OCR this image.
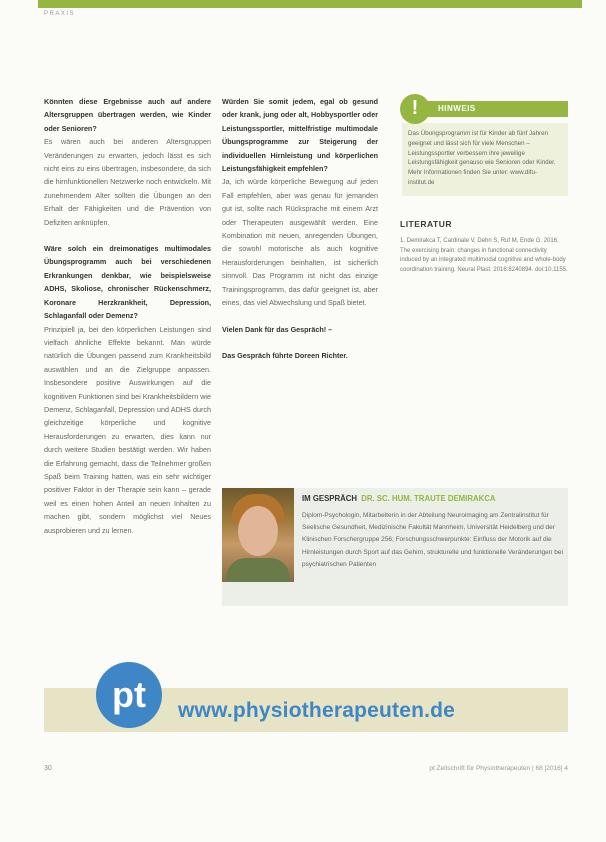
PRAXIS

Könnten diese Ergebnisse auch auf andere Altersgruppen übertragen werden, wie Kinder oder Senioren?

Es wären auch bei anderen Altersgruppen Veränderungen zu erwarten, jedoch lässt es sich nicht eins zu eins übertragen, insbesondere, da sich die hirnfunktionellen Netzwerke noch entwickeln. Mit zunehmendem Alter sollten die Übungen an den Erhalt der Fähigkeiten und die Prävention von Defiziten anknüpfen.

Wäre solch ein dreimonatiges multimodales Übungsprogramm auch bei verschiedenen Erkrankungen denkbar, wie beispielsweise ADHS, Skoliose, chronischer Rückenschmerz, Koronare Herzkrankheit, Depression, Schlaganfall oder Demenz?

Prinzipiell ja, bei den körperlichen Leistungen sind vielfach ähnliche Effekte bekannt. Man würde natürlich die Übungen passend zum Krankheitsbild auswählen und an die Zielgruppe anpassen. Insbesondere positive Auswirkungen auf die kognitiven Funktionen sind bei Krankheitsbildern wie Demenz, Schlaganfall, Depression und ADHS durch gleichzeitige körperliche und kognitive Herausforderungen zu erwarten, dies kann nur durch weitere Studien bestätigt werden. Wir haben die Erfahrung gemacht, dass die Teilnehmer großen Spaß beim Training hatten, was ein sehr wichtiger positiver Faktor in der Therapie sein kann – gerade weil es einen hohen Anteil an neuen Inhalten zu machen gibt, sondern möglichst viel Neues ausprobieren und zu lernen.

Würden Sie somit jedem, egal ob gesund oder krank, jung oder alt, Hobbysportler oder Leistungssportler, mittelfristige multimodale Übungsprogramme zur Steigerung der individuellen Hirnleistung und körperlichen Leistungsfähigkeit empfehlen?

Ja, ich würde körperliche Bewegung auf jeden Fall empfehlen, aber was genau für jemanden gut ist, sollte nach Rücksprache mit einem Arzt oder Therapeuten ausgewählt werden. Eine Kombination mit neuen, anregenden Übungen, die sowohl motorische als auch kognitive Herausforderungen beinhalten, ist sicherlich sinnvoll. Das Programm ist nicht das einzige Trainingsprogramm, das dafür geeignet ist, aber eines, das viel Abwechslung und Spaß bietet.

Vielen Dank für das Gespräch! –

Das Gespräch führte Doreen Richter.

!	HINWEIS
Das Übungsprogramm ist für Kinder ab fünf Jahren geeignet und lässt sich für viele Menschen – Leistungssportler verbessern ihre jeweilige Leistungsfähigkeit genauso wie Senioren oder Kinder. Mehr Informationen finden Sie unter: www.difu-institut.de
LITERATUR
1. Demirakca T, Cardinale V, Dehn S, Ruf M, Ende G. 2016. The exercising brain: changes in functional connectivity induced by an integrated multimodal cognitive and whole-body coordination training. Neural Plast. 2016:8240894. doi:10.1155.
IM GESPRÄCH DR. SC. HUM. TRAUTE DEMIRAKCA
Diplom-Psychologin, Mitarbeiterin in der Abteilung Neuroimaging am Zentralinstitut für Seelische Gesundheit, Medizinische Fakultät Mannheim, Universität Heidelberg und der Klinischen Forschergruppe 256; Forschungsschwerpunkte: Einfluss der Motorik auf die Hirnleistungen durch Sport auf das Gehirn, strukturelle und funktionelle Veränderungen bei psychiatrischen Patienten
pt	www.physiotherapeuten.de
30	pt Zeitschrift für Physiotherapeuten | 68 [2016] 4
